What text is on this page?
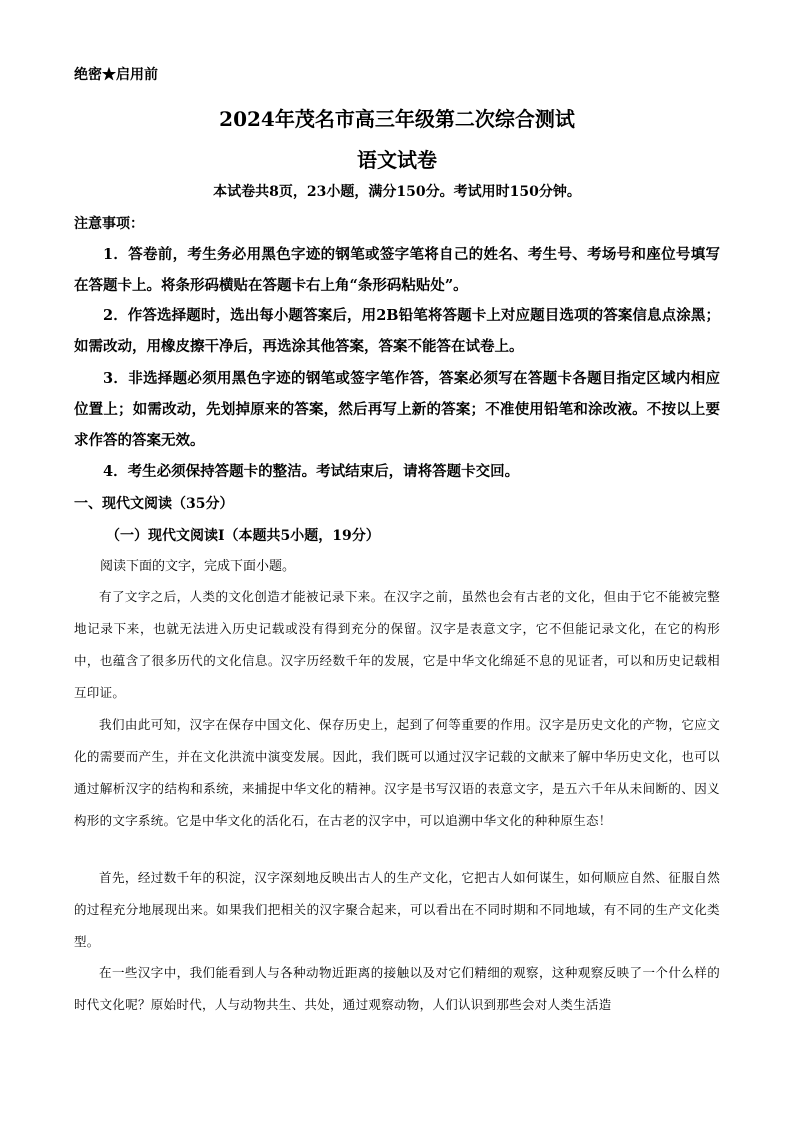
绝密★启用前
2024年茂名市高三年级第二次综合测试
语文试卷
本试卷共8页，23小题，满分150分。考试用时150分钟。
注意事项：

1．答卷前，考生务必用黑色字迹的钢笔或签字笔将自己的姓名、考生号、考场号和座位号填写在答题卡上。将条形码横贴在答题卡右上角“条形码粘贴处”。

2．作答选择题时，选出每小题答案后，用2B铅笔将答题卡上对应题目选项的答案信息点涂黑；如需改动，用橡皮擦干净后，再选涂其他答案，答案不能答在试卷上。

3．非选择题必须用黑色字迹的钢笔或签字笔作答，答案必须写在答题卡各题目指定区域内相应位置上；如需改动，先划掉原来的答案，然后再写上新的答案；不准使用铅笔和涂改液。不按以上要求作答的答案无效。

4．考生必须保持答题卡的整洁。考试结束后，请将答题卡交回。

一、现代文阅读（35分）
（一）现代文阅读Ⅰ（本题共5小题，19分）
阅读下面的文字，完成下面小题。

有了文字之后，人类的文化创造才能被记录下来。在汉字之前，虽然也会有古老的文化，但由于它不能被完整地记录下来，也就无法进入历史记载或没有得到充分的保留。汉字是表意文字，它不但能记录文化，在它的构形中，也蕴含了很多历代的文化信息。汉字历经数千年的发展，它是中华文化绵延不息的见证者，可以和历史记载相互印证。

我们由此可知，汉字在保存中国文化、保存历史上，起到了何等重要的作用。汉字是历史文化的产物，它应文化的需要而产生，并在文化洪流中演变发展。因此，我们既可以通过汉字记载的文献来了解中华历史文化，也可以通过解析汉字的结构和系统，来捕捉中华文化的精神。汉字是书写汉语的表意文字，是五六千年从未间断的、因义构形的文字系统。它是中华文化的活化石，在古老的汉字中，可以追溯中华文化的种种原生态！

首先，经过数千年的积淀，汉字深刻地反映出古人的生产文化，它把古人如何谋生，如何顺应自然、征服自然的过程充分地展现出来。如果我们把相关的汉字聚合起来，可以看出在不同时期和不同地域，有不同的生产文化类型。

在一些汉字中，我们能看到人与各种动物近距离的接触以及对它们精细的观察，这种观察反映了一个什么样的时代文化呢？原始时代，人与动物共生、共处，通过观察动物，人们认识到那些会对人类生活造
